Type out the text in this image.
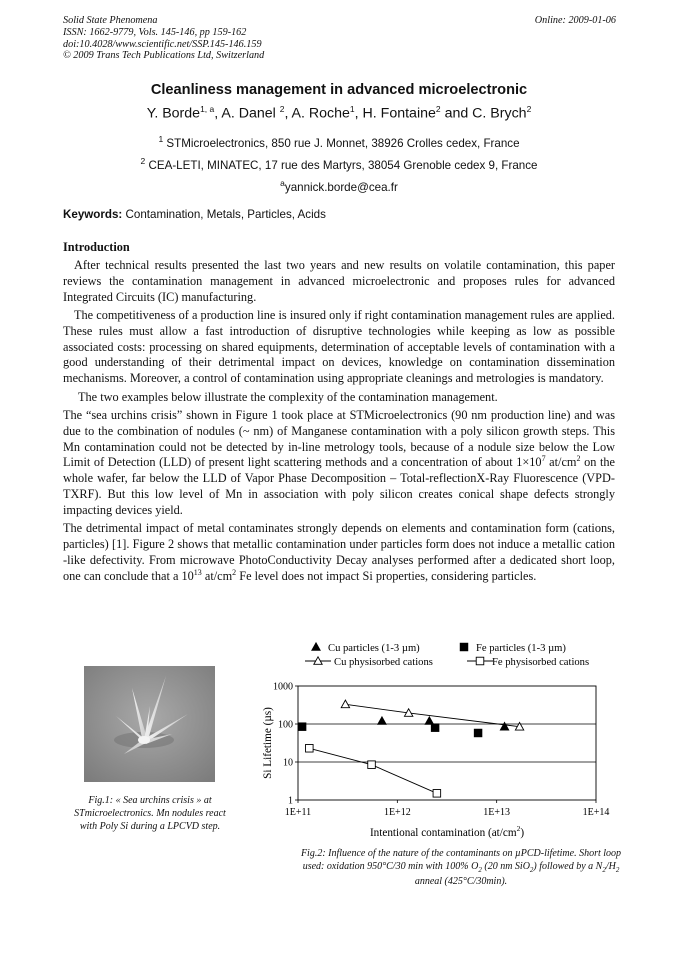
Solid State Phenomena
ISSN: 1662-9779, Vols. 145-146, pp 159-162
doi:10.4028/www.scientific.net/SSP.145-146.159
© 2009 Trans Tech Publications Ltd, Switzerland
Online: 2009-01-06
Cleanliness management in advanced microelectronic
Y. Borde$^{1, a}$, A. Danel $^2$, A. Roche$^1$, H. Fontaine$^2$ and C. Brych$^2$
$^1$ STMicroelectronics, 850 rue J. Monnet, 38926 Crolles cedex, France
$^2$ CEA-LETI, MINATEC, 17 rue des Martyrs, 38054 Grenoble cedex 9, France
$^a$yannick.borde@cea.fr
Keywords: Contamination, Metals, Particles, Acids
Introduction

After technical results presented the last two years and new results on volatile contamination, this paper reviews the contamination management in advanced microelectronic and proposes rules for advanced Integrated Circuits (IC) manufacturing.

The competitiveness of a production line is insured only if right contamination management rules are applied. These rules must allow a fast introduction of disruptive technologies while keeping as low as possible associated costs: processing on shared equipments, determination of acceptable levels of contamination with a good understanding of their detrimental impact on devices, knowledge on contamination dissemination mechanisms. Moreover, a control of contamination using appropriate cleanings and metrologies is mandatory.

The two examples below illustrate the complexity of the contamination management.

The “sea urchins crisis” shown in Figure 1 took place at STMicroelectronics (90 nm production line) and was due to the combination of nodules (~ nm) of Manganese contamination with a poly silicon growth steps. This Mn contamination could not be detected by in-line metrology tools, because of a nodule size below the Low Limit of Detection (LLD) of present light scattering methods and a concentration of about $1\times 10^7$ $at/cm^2$ on the whole wafer, far below the LLD of Vapor Phase Decomposition – Total-reflectionX-Ray Fluorescence (VPD-TXRF). But this low level of Mn in association with poly silicon creates conical shape defects strongly impacting devices yield.

The detrimental impact of metal contaminates strongly depends on elements and contamination form (cations, particles) [1]. Figure 2 shows that metallic contamination under particles form does not induce a metallic cation -like defectivity. From microwave PhotoConductivity Decay analyses performed after a dedicated short loop, one can conclude that a $10^{13}$ $at/cm^2$ Fe level does not impact Si properties, considering particles.

Fig.1: « Sea urchins crisis » at STmicroelectronics. Mn nodules react with Poly Si during a LPCVD step.
Cu particles (1-3 µm)	Fe particles (1-3 µm)
Cu physisorbed cations	Fe physisorbed cations
1
10
100
1000
1E+11	1E+12	1E+13	1E+14
Intentional contamination $(at/cm^2)$
Si Lifetime (µs)
Fig.2: Influence of the nature of the contaminants on µPCD-lifetime. Short loop used: oxidation 950°C/30 min with 100% $O_2$ (20 nm SiO$_2$) followed by a $N_2/H_2$ anneal (425°C/30min).
